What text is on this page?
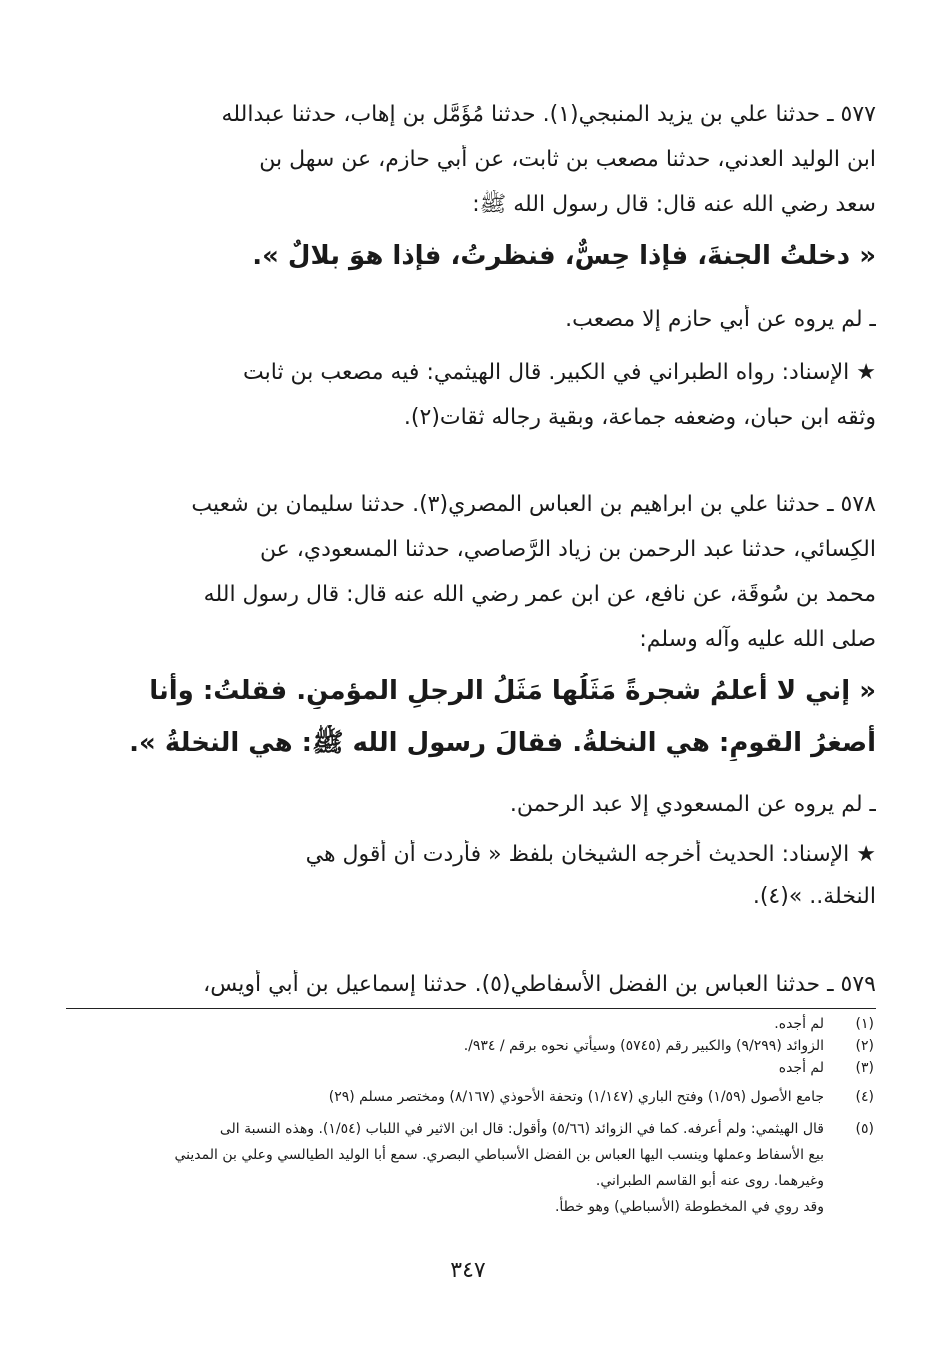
٥٧٧ ـ حدثنا علي بن يزيد المنبجي(١). حدثنا مُؤَمَّل بن إهاب، حدثنا عبدالله
ابن الوليد العدني، حدثنا مصعب بن ثابت، عن أبي حازم، عن سهل بن
سعد رضي الله عنه قال: قال رسول الله ﷺ:
« دخلتُ الجنةَ، فإذا حِسٌّ، فنظرتُ، فإذا هوَ بلالٌ ».
ـ لم يروه عن أبي حازم إلا مصعب.
★ الإسناد: رواه الطبراني في الكبير. قال الهيثمي: فيه مصعب بن ثابت
وثقه ابن حبان، وضعفه جماعة، وبقية رجاله ثقات(٢).
٥٧٨ ـ حدثنا علي بن ابراهيم بن العباس المصري(٣). حدثنا سليمان بن شعيب
الكِسائي، حدثنا عبد الرحمن بن زياد الرَّصاصي، حدثنا المسعودي، عن
محمد بن سُوقَة، عن نافع، عن ابن عمر رضي الله عنه قال: قال رسول الله
صلى الله عليه وآله وسلم:
« إني لا أعلمُ شجرةً مَثَلُها مَثَلُ الرجلِ المؤمنِ. فقلتُ: وأنا
أصغرُ القومِ: هي النخلةُ. فقالَ رسول الله ﷺ: هي النخلةُ ».
ـ لم يروه عن المسعودي إلا عبد الرحمن.
★ الإسناد: الحديث أخرجه الشيخان بلفظ « فأردت أن أقول هي
النخلة.. »(٤).
٥٧٩ ـ حدثنا العباس بن الفضل الأسفاطي(٥). حدثنا إسماعيل بن أبي أُويس،
(١)
لم أجده.
(٢)
الزوائد (٩/٢٩٩) والكبير رقم (٥٧٤٥) وسيأتي نحوه برقم / ٩٣٤/.
(٣)
لم أجده
(٤)
جامع الأصول (١/٥٩) وفتح الباري (١/١٤٧) وتحفة الأحوذي (٨/١٦٧) ومختصر مسلم (٢٩)
(٥)
قال الهيثمي: ولم أعرفه. كما في الزوائد (٥/٦٦) وأقول: قال ابن الاثير في اللباب (١/٥٤). وهذه النسبة الى
بيع الأسفاط وعملها وينسب اليها العباس بن الفضل الأسباطي البصري. سمع أبا الوليد الطيالسي وعلي بن المديني
وغيرهما. روى عنه أبو القاسم الطبراني.
وقد روي في المخطوطة (الأسباطي) وهو خطأ.
٣٤٧
